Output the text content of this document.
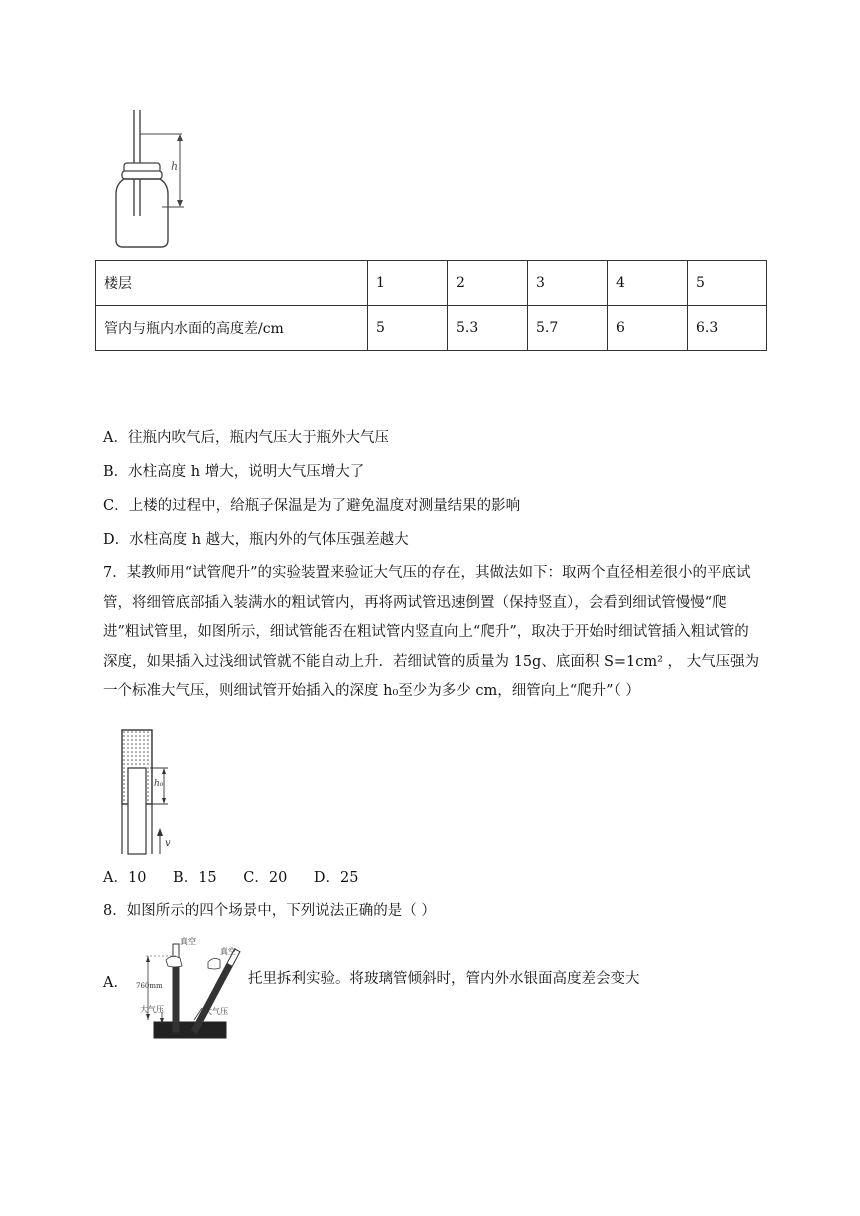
h
楼层	1	2	3	4	5
管内与瓶内水面的高度差/cm	5	5.3	5.7	6	6.3
A．往瓶内吹气后，瓶内气压大于瓶外大气压
B．水柱高度 h 增大，说明大气压增大了
C．上楼的过程中，给瓶子保温是为了避免温度对测量结果的影响
D．水柱高度 h 越大，瓶内外的气体压强差越大
7．某教师用“试管爬升”的实验装置来验证大气压的存在，其做法如下：取两个直径相差很小的平底试管，将细管底部插入装满水的粗试管内，再将两试管迅速倒置（保持竖直），会看到细试管慢慢“爬进”粗试管里，如图所示，细试管能否在粗试管内竖直向上“爬升”，取决于开始时细试管插入粗试管的深度，如果插入过浅细试管就不能自动上升．若细试管的质量为 15g、底面积 S=1cm² ， 大气压强为一个标准大气压，则细试管开始插入的深度 h₀至少为多少 cm，细管向上“爬升”（ ）
h₀
v
A．10 B．15 C．20 D．25
8．如图所示的四个场景中，下列说法正确的是（ ）
A．	托里拆利实验。将玻璃管倾斜时，管内外水银面高度差会变大
真空
真空
760mm
大气压	大气压
